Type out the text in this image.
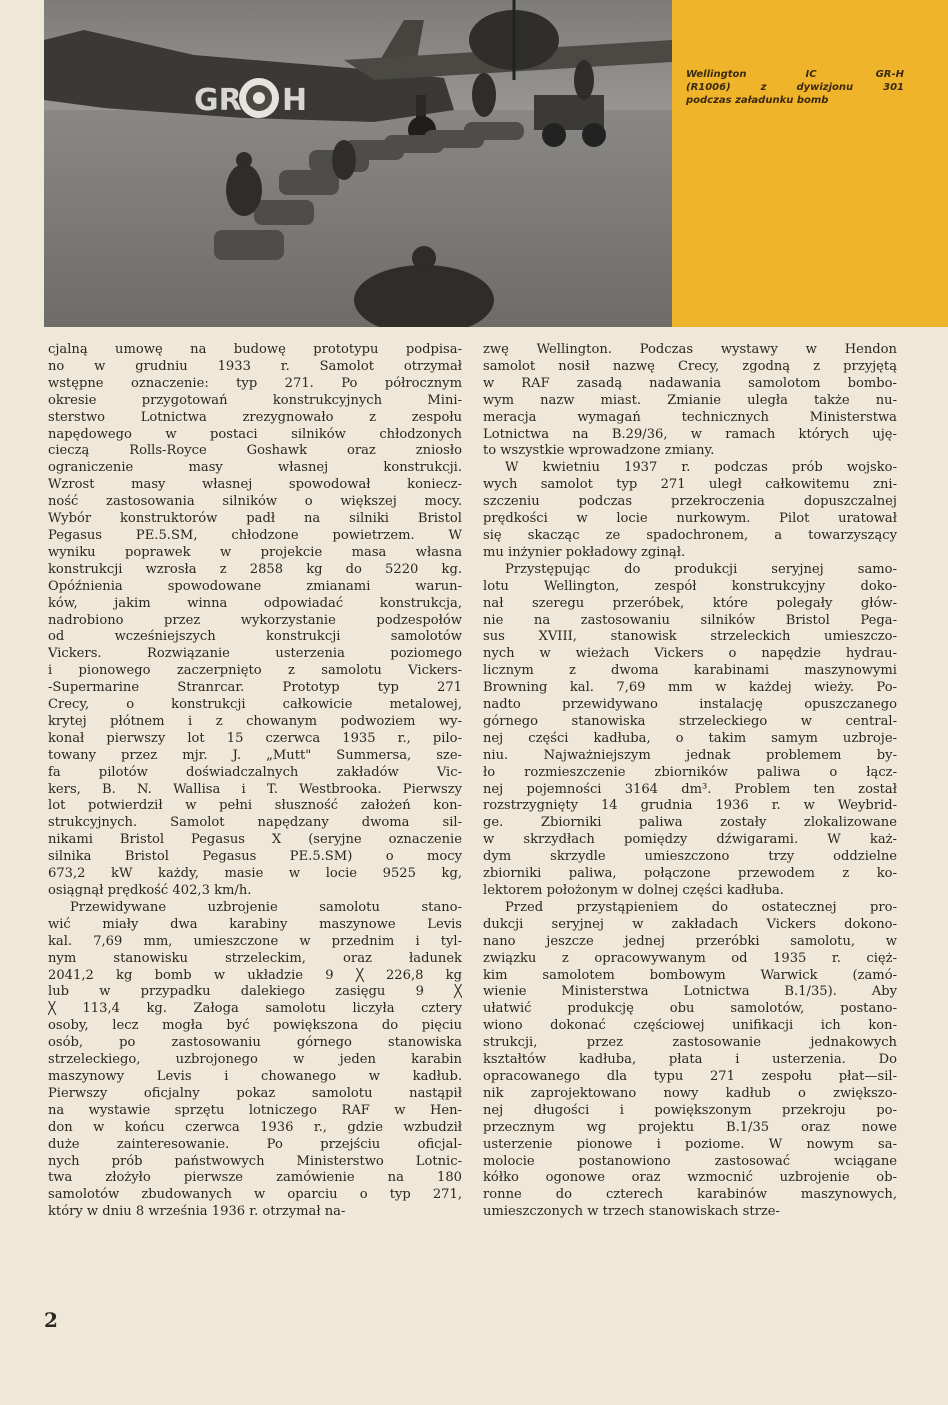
GR H
Wellington IC GR-H
(R1006) z dywizjonu 301
podczas załadunku bomb
cjalną umowę na budowę prototypu podpisa-
no w grudniu 1933 r. Samolot otrzymał
wstępne oznaczenie: typ 271. Po półrocznym
okresie przygotowań konstrukcyjnych Mini-
sterstwo Lotnictwa zrezygnowało z zespołu
napędowego w postaci silników chłodzonych
cieczą Rolls-Royce Goshawk oraz zniosło
ograniczenie masy własnej konstrukcji.
Wzrost masy własnej spowodował koniecz-
ność zastosowania silników o większej mocy.
Wybór konstruktorów padł na silniki Bristol
Pegasus PE.5.SM, chłodzone powietrzem. W
wyniku poprawek w projekcie masa własna
konstrukcji wzrosła z 2858 kg do 5220 kg.
Opóźnienia spowodowane zmianami warun-
ków, jakim winna odpowiadać konstrukcja,
nadrobiono przez wykorzystanie podzespołów
od wcześniejszych konstrukcji samolotów
Vickers. Rozwiązanie usterzenia poziomego
i pionowego zaczerpnięto z samolotu Vickers-
-Supermarine Stranrcar. Prototyp typ 271
Crecy, o konstrukcji całkowicie metalowej,
krytej płótnem i z chowanym podwoziem wy-
konał pierwszy lot 15 czerwca 1935 r., pilo-
towany przez mjr. J. „Mutt" Summersa, sze-
fa pilotów doświadczalnych zakładów Vic-
kers, B. N. Wallisa i T. Westbrooka. Pierwszy
lot potwierdził w pełni słuszność założeń kon-
strukcyjnych. Samolot napędzany dwoma sil-
nikami Bristol Pegasus X (seryjne oznaczenie
silnika Bristol Pegasus PE.5.SM) o mocy
673,2 kW każdy, masie w locie 9525 kg,
osiągnął prędkość 402,3 km/h.
Przewidywane uzbrojenie samolotu stano-
wić miały dwa karabiny maszynowe Levis
kal. 7,69 mm, umieszczone w przednim i tyl-
nym stanowisku strzeleckim, oraz ładunek
2041,2 kg bomb w układzie 9 ╳ 226,8 kg
lub w przypadku dalekiego zasięgu 9 ╳
╳ 113,4 kg. Załoga samolotu liczyła cztery
osoby, lecz mogła być powiększona do pięciu
osób, po zastosowaniu górnego stanowiska
strzeleckiego, uzbrojonego w jeden karabin
maszynowy Levis i chowanego w kadłub.
Pierwszy oficjalny pokaz samolotu nastąpił
na wystawie sprzętu lotniczego RAF w Hen-
don w końcu czerwca 1936 r., gdzie wzbudził
duże zainteresowanie. Po przejściu oficjal-
nych prób państwowych Ministerstwo Lotnic-
twa złożyło pierwsze zamówienie na 180
samolotów zbudowanych w oparciu o typ 271,
który w dniu 8 września 1936 r. otrzymał na-
zwę Wellington. Podczas wystawy w Hendon
samolot nosił nazwę Crecy, zgodną z przyjętą
w RAF zasadą nadawania samolotom bombo-
wym nazw miast. Zmianie uległa także nu-
meracja wymagań technicznych Ministerstwa
Lotnictwa na B.29/36, w ramach których uję-
to wszystkie wprowadzone zmiany.
W kwietniu 1937 r. podczas prób wojsko-
wych samolot typ 271 uległ całkowitemu zni-
szczeniu podczas przekroczenia dopuszczalnej
prędkości w locie nurkowym. Pilot uratował
się skacząc ze spadochronem, a towarzyszący
mu inżynier pokładowy zginął.
Przystępując do produkcji seryjnej samo-
lotu Wellington, zespół konstrukcyjny doko-
nał szeregu przeróbek, które polegały głów-
nie na zastosowaniu silników Bristol Pega-
sus XVIII, stanowisk strzeleckich umieszczo-
nych w wieżach Vickers o napędzie hydrau-
licznym z dwoma karabinami maszynowymi
Browning kal. 7,69 mm w każdej wieży. Po-
nadto przewidywano instalację opuszczanego
górnego stanowiska strzeleckiego w central-
nej części kadłuba, o takim samym uzbroje-
niu. Najważniejszym jednak problemem by-
ło rozmieszczenie zbiorników paliwa o łącz-
nej pojemności 3164 dm³. Problem ten został
rozstrzygnięty 14 grudnia 1936 r. w Weybrid-
ge. Zbiorniki paliwa zostały zlokalizowane
w skrzydłach pomiędzy dźwigarami. W każ-
dym skrzydle umieszczono trzy oddzielne
zbiorniki paliwa, połączone przewodem z ko-
lektorem położonym w dolnej części kadłuba.
Przed przystąpieniem do ostatecznej pro-
dukcji seryjnej w zakładach Vickers dokono-
nano jeszcze jednej przeróbki samolotu, w
związku z opracowywanym od 1935 r. cięż-
kim samolotem bombowym Warwick (zamó-
wienie Ministerstwa Lotnictwa B.1/35). Aby
ułatwić produkcję obu samolotów, postano-
wiono dokonać częściowej unifikacji ich kon-
strukcji, przez zastosowanie jednakowych
kształtów kadłuba, płata i usterzenia. Do
opracowanego dla typu 271 zespołu płat—sil-
nik zaprojektowano nowy kadłub o zwiększo-
nej długości i powiększonym przekroju po-
przecznym wg projektu B.1/35 oraz nowe
usterzenie pionowe i poziome. W nowym sa-
molocie postanowiono zastosować wciągane
kółko ogonowe oraz wzmocnić uzbrojenie ob-
ronne do czterech karabinów maszynowych,
umieszczonych w trzech stanowiskach strze-
2
